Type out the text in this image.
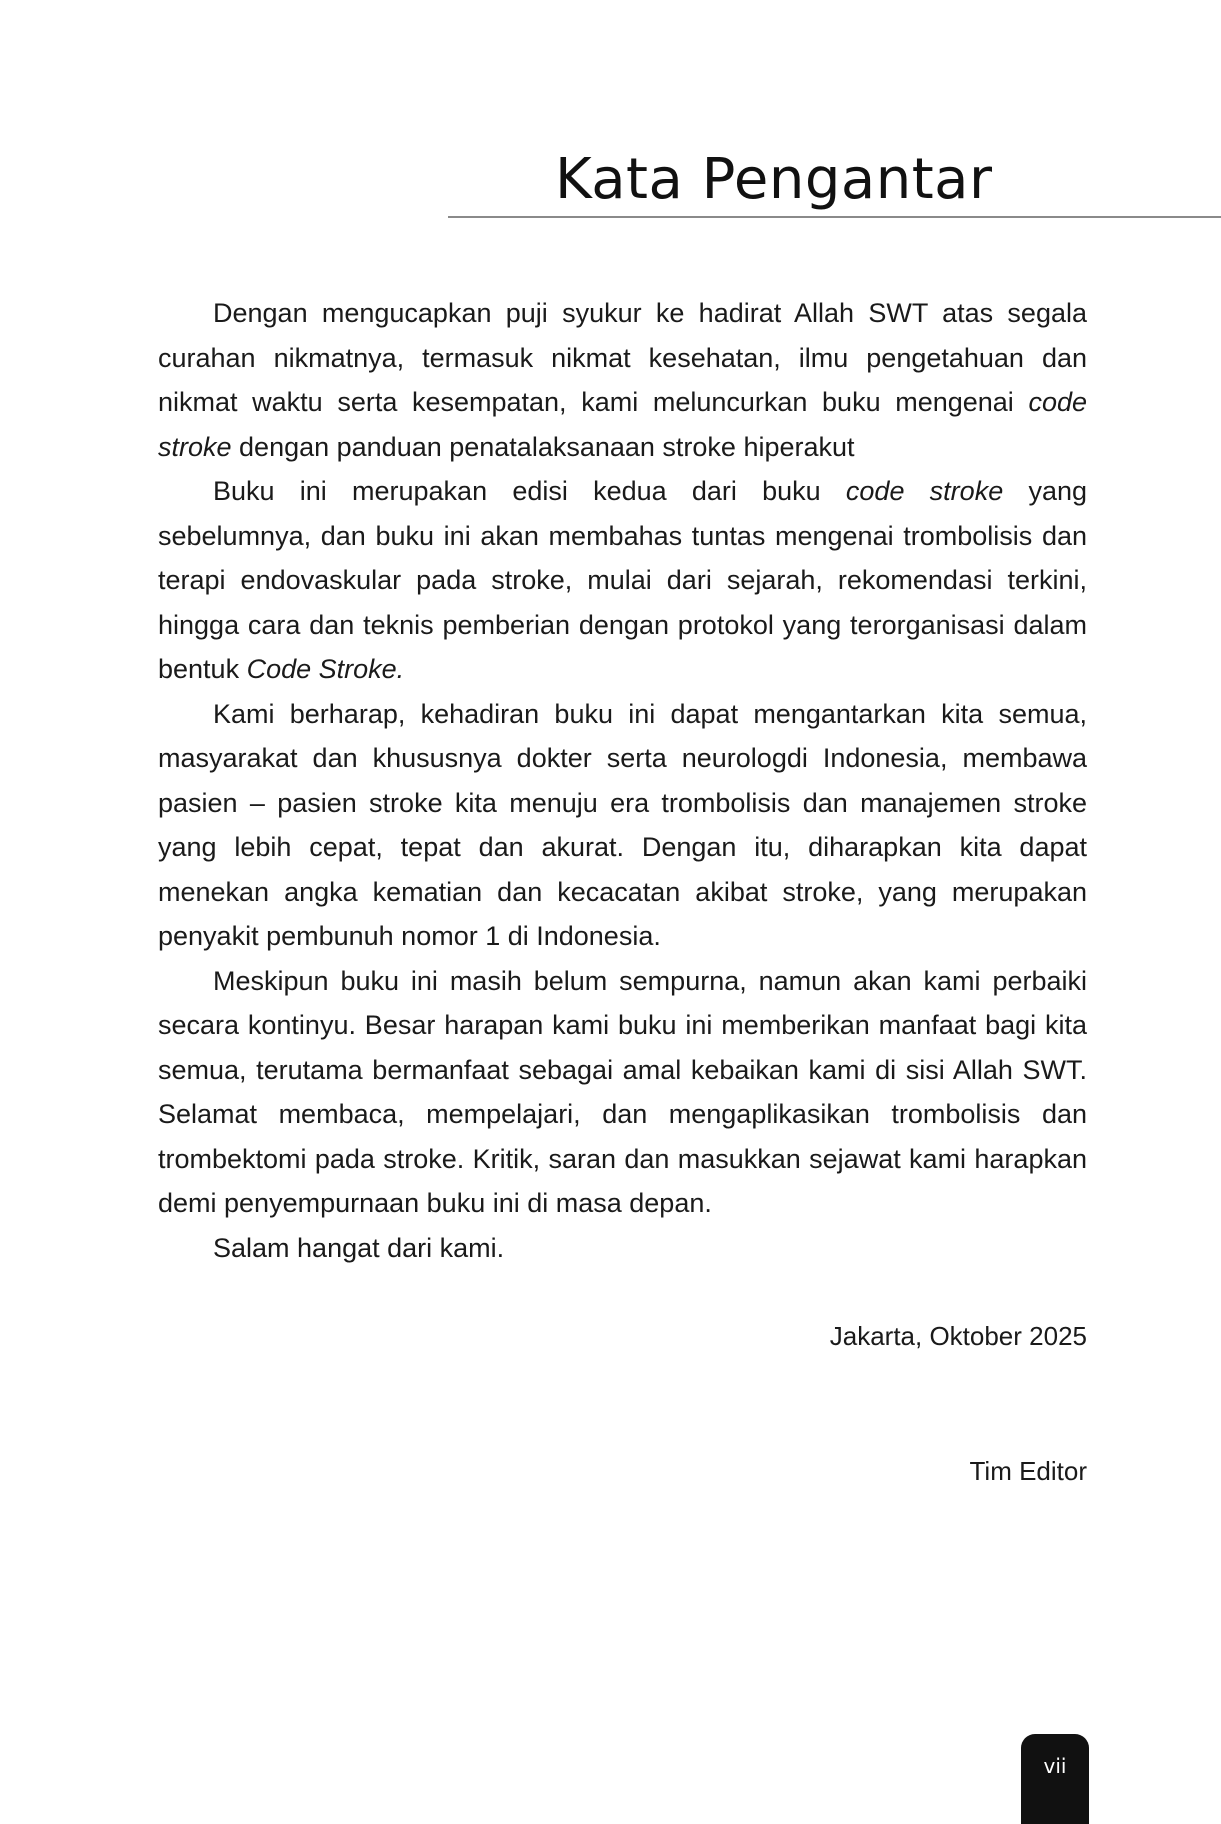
Kata Pengantar

Dengan mengucapkan puji syukur ke hadirat Allah SWT atas segala curahan nikmatnya, termasuk nikmat kesehatan, ilmu pengetahuan dan nikmat waktu serta kesempatan, kami meluncurkan buku mengenai code stroke dengan panduan penatalaksanaan stroke hiperakut

Buku ini merupakan edisi kedua dari buku code stroke yang sebelumnya, dan buku ini akan membahas tuntas mengenai trombolisis dan terapi endovaskular pada stroke, mulai dari sejarah, rekomendasi terkini, hingga cara dan teknis pemberian dengan protokol yang terorganisasi dalam bentuk Code Stroke.

Kami berharap, kehadiran buku ini dapat mengantarkan kita semua, masyarakat dan khususnya dokter serta neurologdi Indonesia, membawa pasien – pasien stroke kita menuju era trombolisis dan manajemen stroke yang lebih cepat, tepat dan akurat. Dengan itu, diharapkan kita dapat menekan angka kematian dan kecacatan akibat stroke, yang merupakan penyakit pembunuh nomor 1 di Indonesia.

Meskipun buku ini masih belum sempurna, namun akan kami perbaiki secara kontinyu. Besar harapan kami buku ini memberikan manfaat bagi kita semua, terutama bermanfaat sebagai amal kebaikan kami di sisi Allah SWT. Selamat membaca, mempelajari, dan mengaplikasikan trombolisis dan trombektomi pada stroke. Kritik, saran dan masukkan sejawat kami harapkan demi penyempurnaan buku ini di masa depan.

Salam hangat dari kami.

Jakarta, Oktober 2025
Tim Editor
vii
